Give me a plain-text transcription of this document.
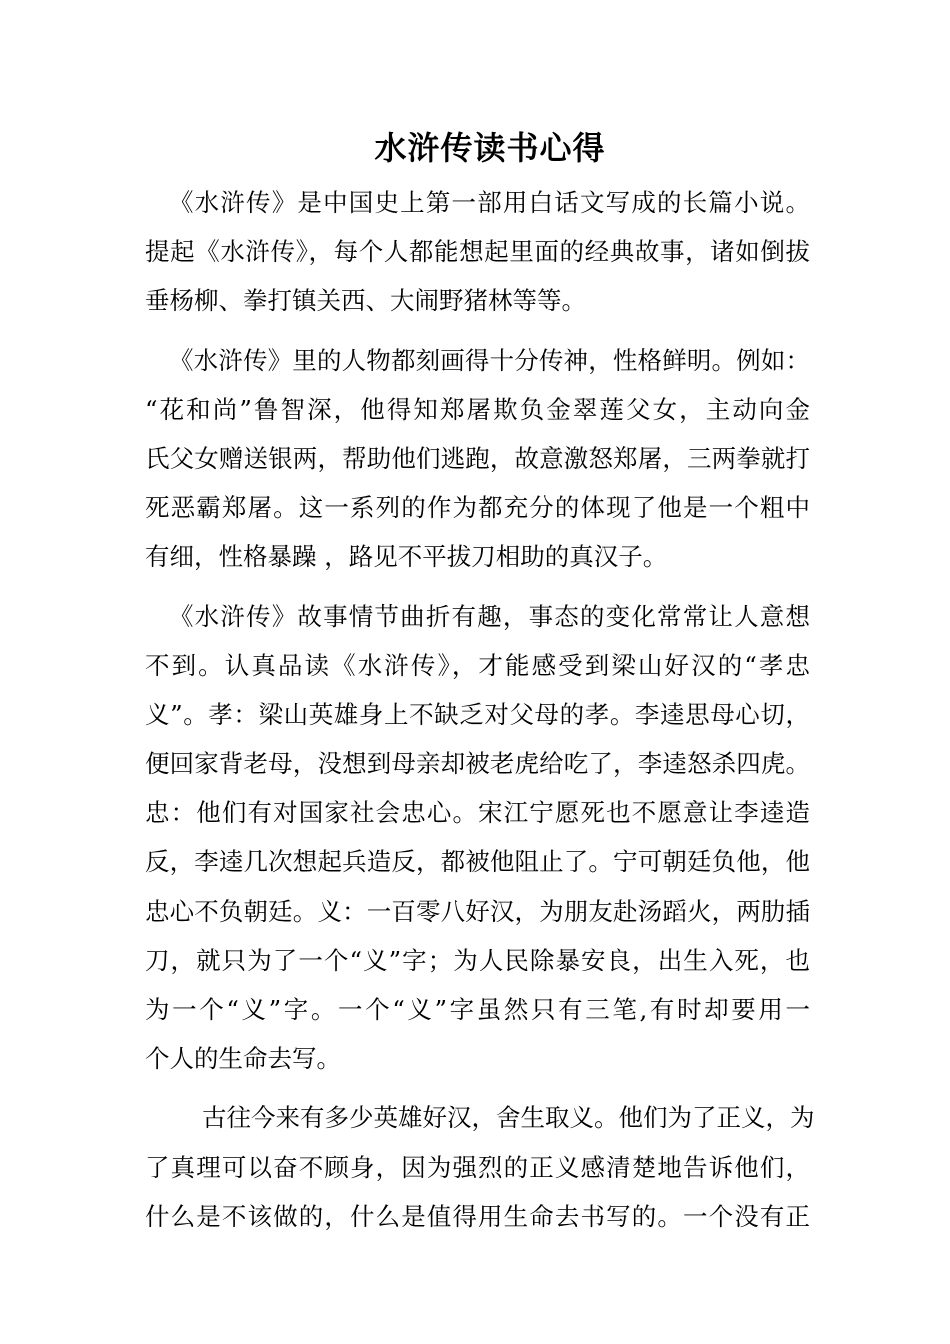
水浒传读书心得
《水浒传》是中国史上第一部用白话文写成的长篇小说。
提起《水浒传》，每个人都能想起里面的经典故事，诸如倒拔
垂杨柳、拳打镇关西、大闹野猪林等等。
《水浒传》里的人物都刻画得十分传神，性格鲜明。例如：
“花和尚”鲁智深，他得知郑屠欺负金翠莲父女，主动向金
氏父女赠送银两，帮助他们逃跑，故意激怒郑屠，三两拳就打
死恶霸郑屠。这一系列的作为都充分的体现了他是一个粗中
有细，性格暴躁 ，路见不平拔刀相助的真汉子。
《水浒传》故事情节曲折有趣，事态的变化常常让人意想
不到。认真品读《水浒传》，才能感受到梁山好汉的“孝忠
义”。孝：梁山英雄身上不缺乏对父母的孝。李逵思母心切，
便回家背老母，没想到母亲却被老虎给吃了，李逵怒杀四虎。
忠：他们有对国家社会忠心。宋江宁愿死也不愿意让李逵造
反，李逵几次想起兵造反，都被他阻止了。宁可朝廷负他，他
忠心不负朝廷。义：一百零八好汉，为朋友赴汤蹈火，两肋插
刀，就只为了一个“义”字；为人民除暴安良，出生入死，也
为一个“义”字。一个“义”字虽然只有三笔,有时却要用一
个人的生命去写。
古往今来有多少英雄好汉，舍生取义。他们为了正义，为
了真理可以奋不顾身，因为强烈的正义感清楚地告诉他们，
什么是不该做的，什么是值得用生命去书写的。一个没有正
